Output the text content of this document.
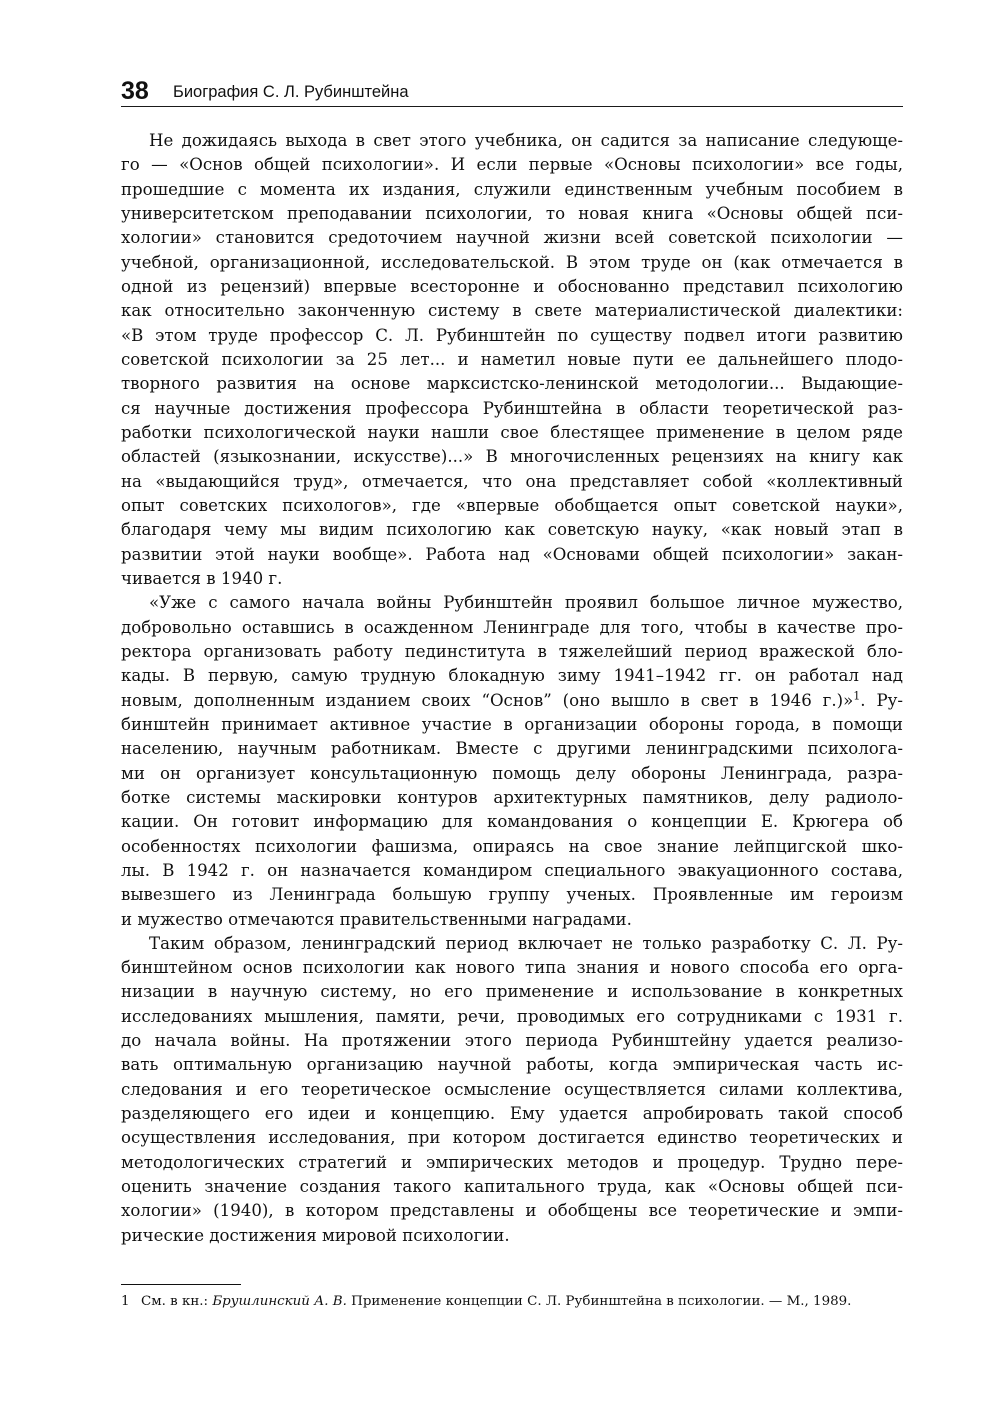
38 Биография С. Л. Рубинштейна
Не дожидаясь выхода в свет этого учебника, он садится за написание следующе-
го — «Основ общей психологии». И если первые «Основы психологии» все годы,
прошедшие с момента их издания, служили единственным учебным пособием в
университетском преподавании психологии, то новая книга «Основы общей пси-
хологии» становится средоточием научной жизни всей советской психологии —
учебной, организационной, исследовательской. В этом труде он (как отмечается в
одной из рецензий) впервые всесторонне и обоснованно представил психологию
как относительно законченную систему в свете материалистической диалектики:
«В этом труде профессор С. Л. Рубинштейн по существу подвел итоги развитию
советской психологии за 25 лет... и наметил новые пути ее дальнейшего плодо-
творного развития на основе марксистско-ленинской методологии... Выдающие-
ся научные достижения профессора Рубинштейна в области теоретической раз-
работки психологической науки нашли свое блестящее применение в целом ряде
областей (языкознании, искусстве)...» В многочисленных рецензиях на книгу как
на «выдающийся труд», отмечается, что она представляет собой «коллективный
опыт советских психологов», где «впервые обобщается опыт советской науки»,
благодаря чему мы видим психологию как советскую науку, «как новый этап в
развитии этой науки вообще». Работа над «Основами общей психологии» закан-
чивается в 1940 г.
«Уже с самого начала войны Рубинштейн проявил большое личное мужество,
добровольно оставшись в осажденном Ленинграде для того, чтобы в качестве про-
ректора организовать работу пединститута в тяжелейший период вражеской бло-
кады. В первую, самую трудную блокадную зиму 1941–1942 гг. он работал над
новым, дополненным изданием своих “Основ” (оно вышло в свет в 1946 г.)»$^1$. Ру-
бинштейн принимает активное участие в организации обороны города, в помощи
населению, научным работникам. Вместе с другими ленинградскими психолога-
ми он организует консультационную помощь делу обороны Ленинграда, разра-
ботке системы маскировки контуров архитектурных памятников, делу радиоло-
кации. Он готовит информацию для командования о концепции Е. Крюгера об
особенностях психологии фашизма, опираясь на свое знание лейпцигской шко-
лы. В 1942 г. он назначается командиром специального эвакуационного состава,
вывезшего из Ленинграда большую группу ученых. Проявленные им героизм
и мужество отмечаются правительственными наградами.
Таким образом, ленинградский период включает не только разработку С. Л. Ру-
бинштейном основ психологии как нового типа знания и нового способа его орга-
низации в научную систему, но его применение и использование в конкретных
исследованиях мышления, памяти, речи, проводимых его сотрудниками с 1931 г.
до начала войны. На протяжении этого периода Рубинштейну удается реализо-
вать оптимальную организацию научной работы, когда эмпирическая часть ис-
следования и его теоретическое осмысление осуществляется силами коллектива,
разделяющего его идеи и концепцию. Ему удается апробировать такой способ
осуществления исследования, при котором достигается единство теоретических и
методологических стратегий и эмпирических методов и процедур. Трудно пере-
оценить значение создания такого капитального труда, как «Основы общей пси-
хологии» (1940), в котором представлены и обобщены все теоретические и эмпи-
рические достижения мировой психологии.
1 См. в кн.: Брушлинский А. В. Применение концепции С. Л. Рубинштейна в психологии. — М., 1989.
